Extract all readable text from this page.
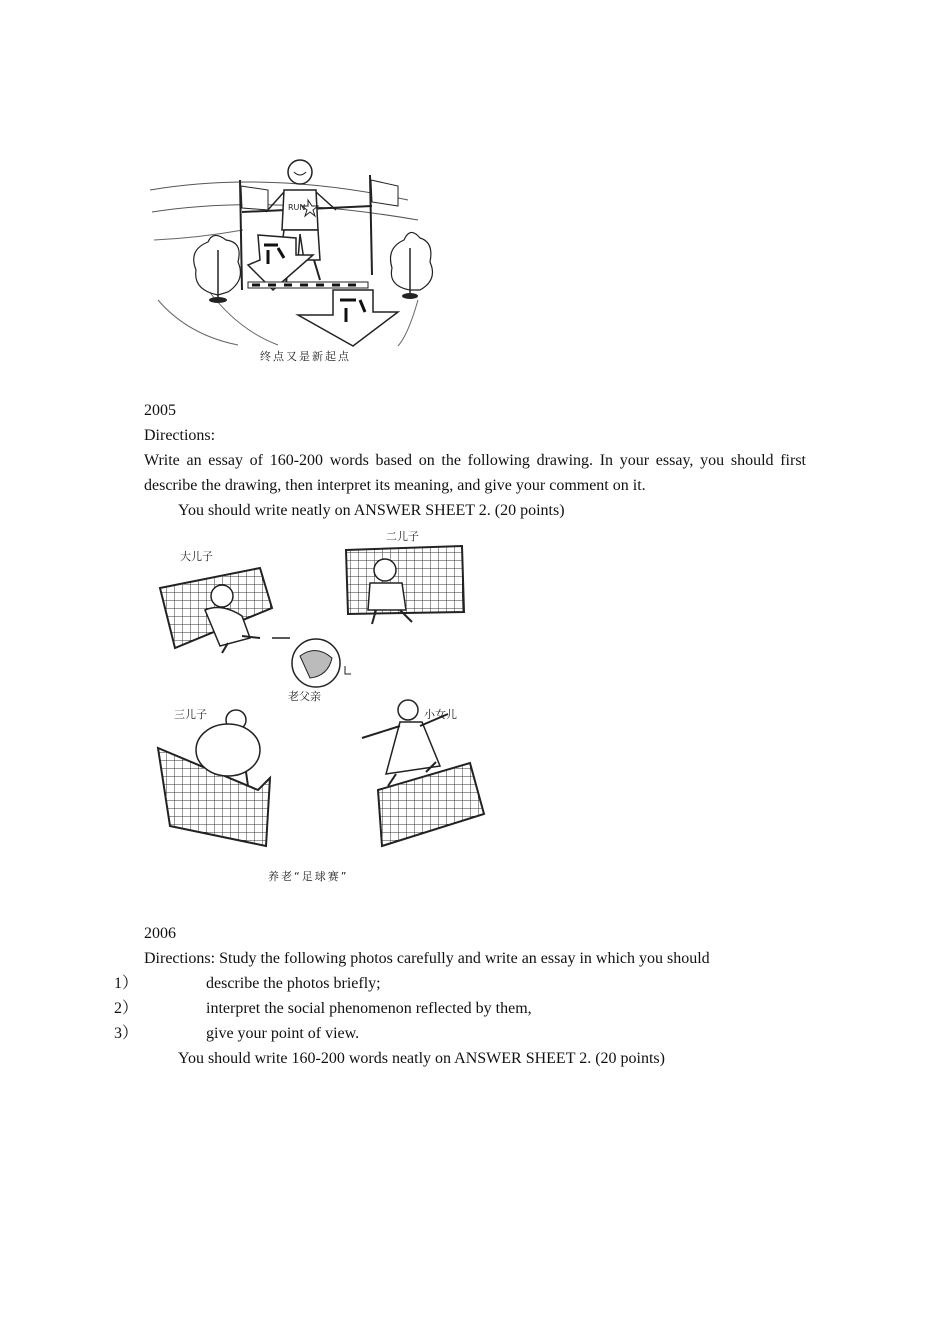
RUN
终点又是新起点
2005
Directions:
Write an essay of 160-200 words based on the following drawing. In your essay, you should first describe the drawing, then interpret its meaning, and give your comment on it.
You should write neatly on ANSWER SHEET 2. (20 points)
大儿子
二儿子
老父亲
三儿子	小女儿
养老“足球赛”
2006
Directions: Study the following photos carefully and write an essay in which you should
1）	describe the photos briefly;
2）	interpret the social phenomenon reflected by them,
3）	give your point of view.
You should write 160-200 words neatly on ANSWER SHEET 2. (20 points)
